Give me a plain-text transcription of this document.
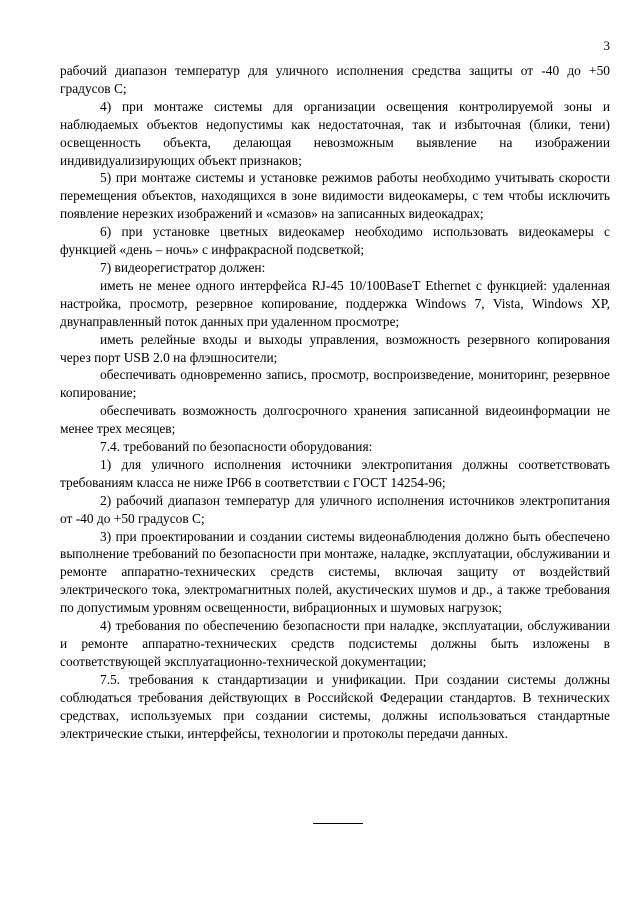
3

рабочий диапазон температур для уличного исполнения средства защиты от -40 до +50 градусов С;

4) при монтаже системы для организации освещения контролируемой зоны и наблюдаемых объектов недопустимы как недостаточная, так и избыточная (блики, тени) освещенность объекта, делающая невозможным выявление на изображении индивидуализирующих объект признаков;

5) при монтаже системы и установке режимов работы необходимо учитывать скорости перемещения объектов, находящихся в зоне видимости видеокамеры, с тем чтобы исключить появление нерезких изображений и «смазов» на записанных видеокадрах;

6) при установке цветных видеокамер необходимо использовать видеокамеры с функцией «день – ночь» с инфракрасной подсветкой;

7) видеорегистратор должен:

иметь не менее одного интерфейса RJ-45 10/100BaseT Ethernet с функцией: удаленная настройка, просмотр, резервное копирование, поддержка Windows 7, Vista, Windows XP, двунаправленный поток данных при удаленном просмотре;

иметь релейные входы и выходы управления, возможность резервного копирования через порт USB 2.0 на флэшносители;

обеспечивать одновременно запись, просмотр, воспроизведение, мониторинг, резервное копирование;

обеспечивать возможность долгосрочного хранения записанной видеоинформации не менее трех месяцев;

7.4. требований по безопасности оборудования:

1) для уличного исполнения источники электропитания должны соответствовать требованиям класса не ниже IP66 в соответствии с ГОСТ 14254-96;

2) рабочий диапазон температур для уличного исполнения источников электропитания от -40 до +50 градусов С;

3) при проектировании и создании системы видеонаблюдения должно быть обеспечено выполнение требований по безопасности при монтаже, наладке, эксплуатации, обслуживании и ремонте аппаратно-технических средств системы, включая защиту от воздействий электрического тока, электромагнитных полей, акустических шумов и др., а также требования по допустимым уровням освещенности, вибрационных и шумовых нагрузок;

4) требования по обеспечению безопасности при наладке, эксплуатации, обслуживании и ремонте аппаратно-технических средств подсистемы должны быть изложены в соответствующей эксплуатационно-технической документации;

7.5. требования к стандартизации и унификации. При создании системы должны соблюдаться требования действующих в Российской Федерации стандартов. В технических средствах, используемых при создании системы, должны использоваться стандартные электрические стыки, интерфейсы, технологии и протоколы передачи данных.
